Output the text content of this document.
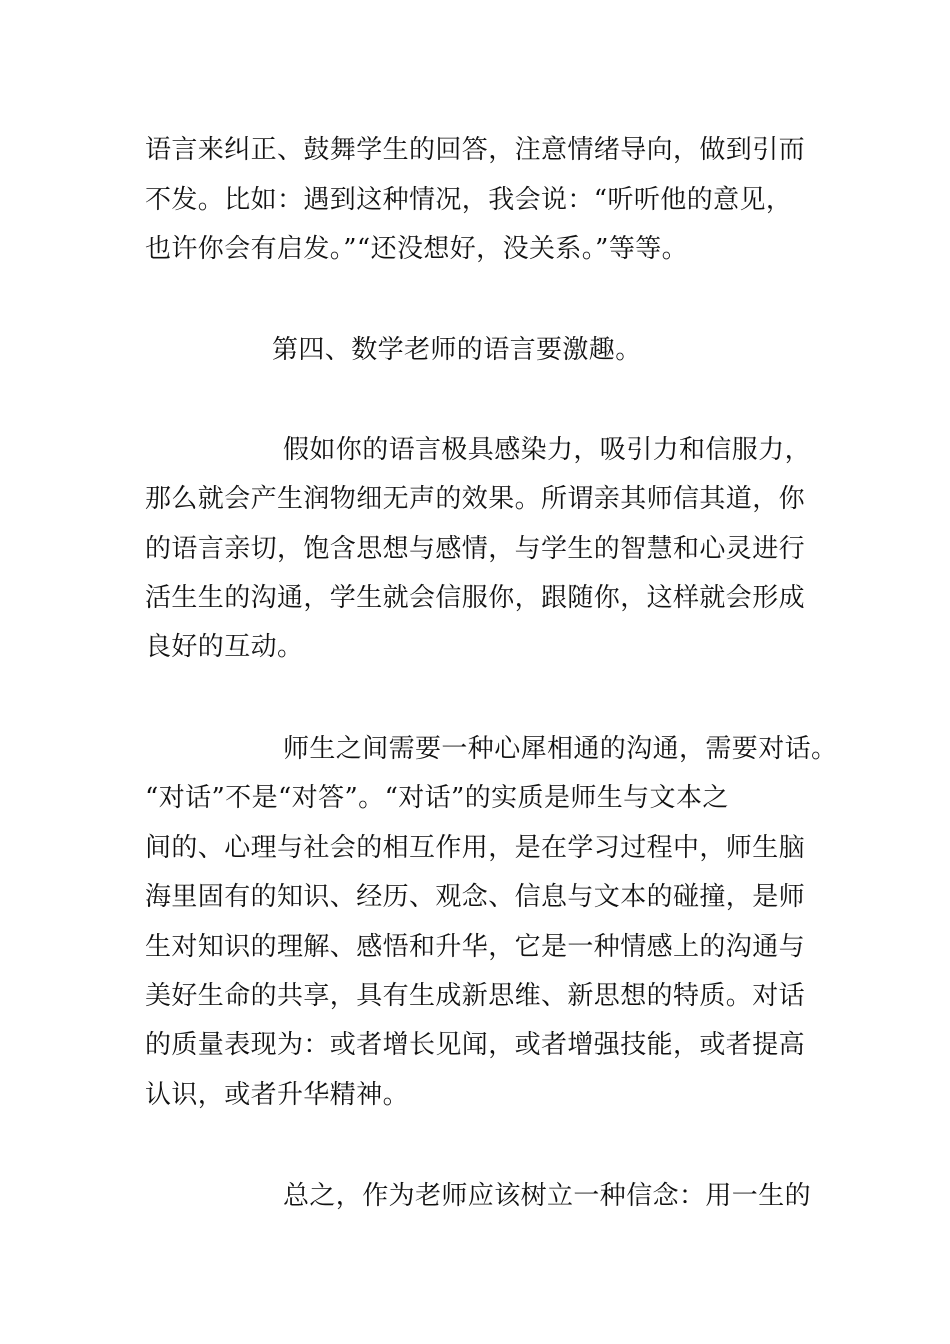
语言来纠正、鼓舞学生的回答，注意情绪导向，做到引而
不发。比如：遇到这种情况，我会说：“听听他的意见，
也许你会有启发。”“还没想好，没关系。”等等。
第四、数学老师的语言要激趣。
假如你的语言极具感染力，吸引力和信服力，
那么就会产生润物细无声的效果。所谓亲其师信其道，你
的语言亲切，饱含思想与感情，与学生的智慧和心灵进行
活生生的沟通，学生就会信服你，跟随你，这样就会形成
良好的互动。
师生之间需要一种心犀相通的沟通，需要对话。
“对话”不是“对答”。“对话”的实质是师生与文本之
间的、心理与社会的相互作用，是在学习过程中，师生脑
海里固有的知识、经历、观念、信息与文本的碰撞，是师
生对知识的理解、感悟和升华，它是一种情感上的沟通与
美好生命的共享，具有生成新思维、新思想的特质。对话
的质量表现为：或者增长见闻，或者增强技能，或者提高
认识，或者升华精神。
总之，作为老师应该树立一种信念：用一生的
